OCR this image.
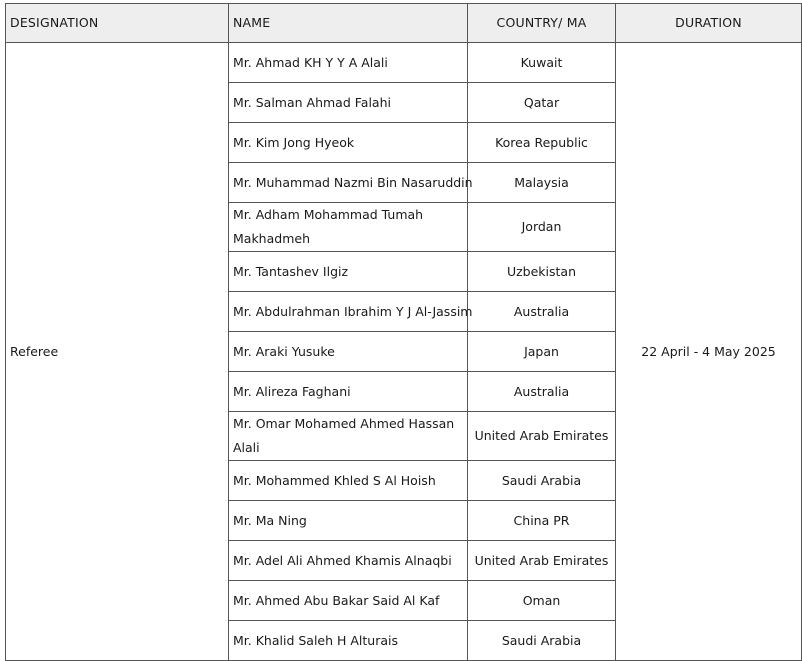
DESIGNATION	NAME	COUNTRY/ MA	DURATION
Referee	Mr. Ahmad KH Y Y A Alali	Kuwait	22 April - 4 May 2025
	Mr. Salman Ahmad Falahi	Qatar	
	Mr. Kim Jong Hyeok	Korea Republic	
	Mr. Muhammad Nazmi Bin Nasaruddin	Malaysia	
	Mr. Adham Mohammad Tumah Makhadmeh	Jordan	
	Mr. Tantashev Ilgiz	Uzbekistan	
	Mr. Abdulrahman Ibrahim Y J Al-Jassim	Australia	
	Mr. Araki Yusuke	Japan	
	Mr. Alireza Faghani	Australia	
	Mr. Omar Mohamed Ahmed Hassan Alali	United Arab Emirates	
	Mr. Mohammed Khled S Al Hoish	Saudi Arabia	
	Mr. Ma Ning	China PR	
	Mr. Adel Ali Ahmed Khamis Alnaqbi	United Arab Emirates	
	Mr. Ahmed Abu Bakar Said Al Kaf	Oman	
	Mr. Khalid Saleh H Alturais	Saudi Arabia	
